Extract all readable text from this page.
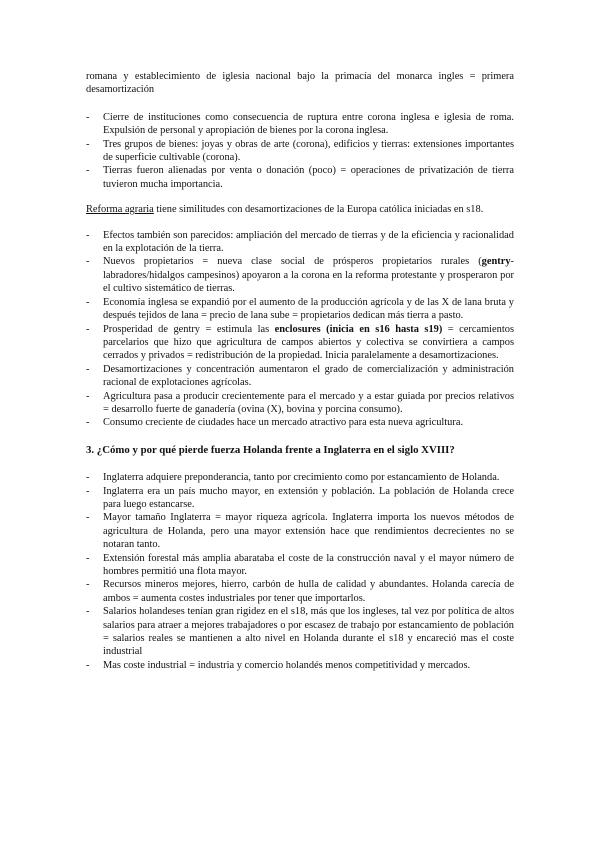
romana y establecimiento de iglesia nacional bajo la primacía del monarca ingles = primera desamortización

- Cierre de instituciones como consecuencia de ruptura entre corona inglesa e iglesia de roma. Expulsión de personal y apropiación de bienes por la corona inglesa.
- Tres grupos de bienes: joyas y obras de arte (corona), edificios y tierras: extensiones importantes de superficie cultivable (corona).
- Tierras fueron alienadas por venta o donación (poco) = operaciones de privatización de tierra tuvieron mucha importancia.

Reforma agraria tiene similitudes con desamortizaciones de la Europa católica iniciadas en s18.

- Efectos también son parecidos: ampliación del mercado de tierras y de la eficiencia y racionalidad en la explotación de la tierra.
- Nuevos propietarios = nueva clase social de prósperos propietarios rurales (gentry- labradores/hidalgos campesinos) apoyaron a la corona en la reforma protestante y prosperaron por el cultivo sistemático de tierras.
- Economía inglesa se expandió por el aumento de la producción agrícola y de las X de lana bruta y después tejidos de lana = precio de lana sube = propietarios dedican más tierra a pasto.
- Prosperidad de gentry = estimula las enclosures (inicia en s16 hasta s19) = cercamientos parcelarios que hizo que agricultura de campos abiertos y colectiva se convirtiera a campos cerrados y privados = redistribución de la propiedad. Inicia paralelamente a desamortizaciones.
- Desamortizaciones y concentración aumentaron el grado de comercialización y administración racional de explotaciones agrícolas.
- Agricultura pasa a producir crecientemente para el mercado y a estar guiada por precios relativos = desarrollo fuerte de ganadería (ovina (X), bovina y porcina consumo).
- Consumo creciente de ciudades hace un mercado atractivo para esta nueva agricultura.
3. ¿Cómo y por qué pierde fuerza Holanda frente a Inglaterra en el siglo XVIII?
- Inglaterra adquiere preponderancia, tanto por crecimiento como por estancamiento de Holanda.
- Inglaterra era un país mucho mayor, en extensión y población. La población de Holanda crece para luego estancarse.
- Mayor tamaño Inglaterra = mayor riqueza agrícola. Inglaterra importa los nuevos métodos de agricultura de Holanda, pero una mayor extensión hace que rendimientos decrecientes no se notaran tanto.
- Extensión forestal más amplia abarataba el coste de la construcción naval y el mayor número de hombres permitió una flota mayor.
- Recursos mineros mejores, hierro, carbón de hulla de calidad y abundantes. Holanda carecía de ambos = aumenta costes industriales por tener que importarlos.
- Salarios holandeses tenían gran rigidez en el s18, más que los ingleses, tal vez por política de altos salarios para atraer a mejores trabajadores o por escasez de trabajo por estancamiento de población = salarios reales se mantienen a alto nivel en Holanda durante el s18 y encareció mas el coste industrial
- Mas coste industrial = industria y comercio holandés menos competitividad y mercados.
